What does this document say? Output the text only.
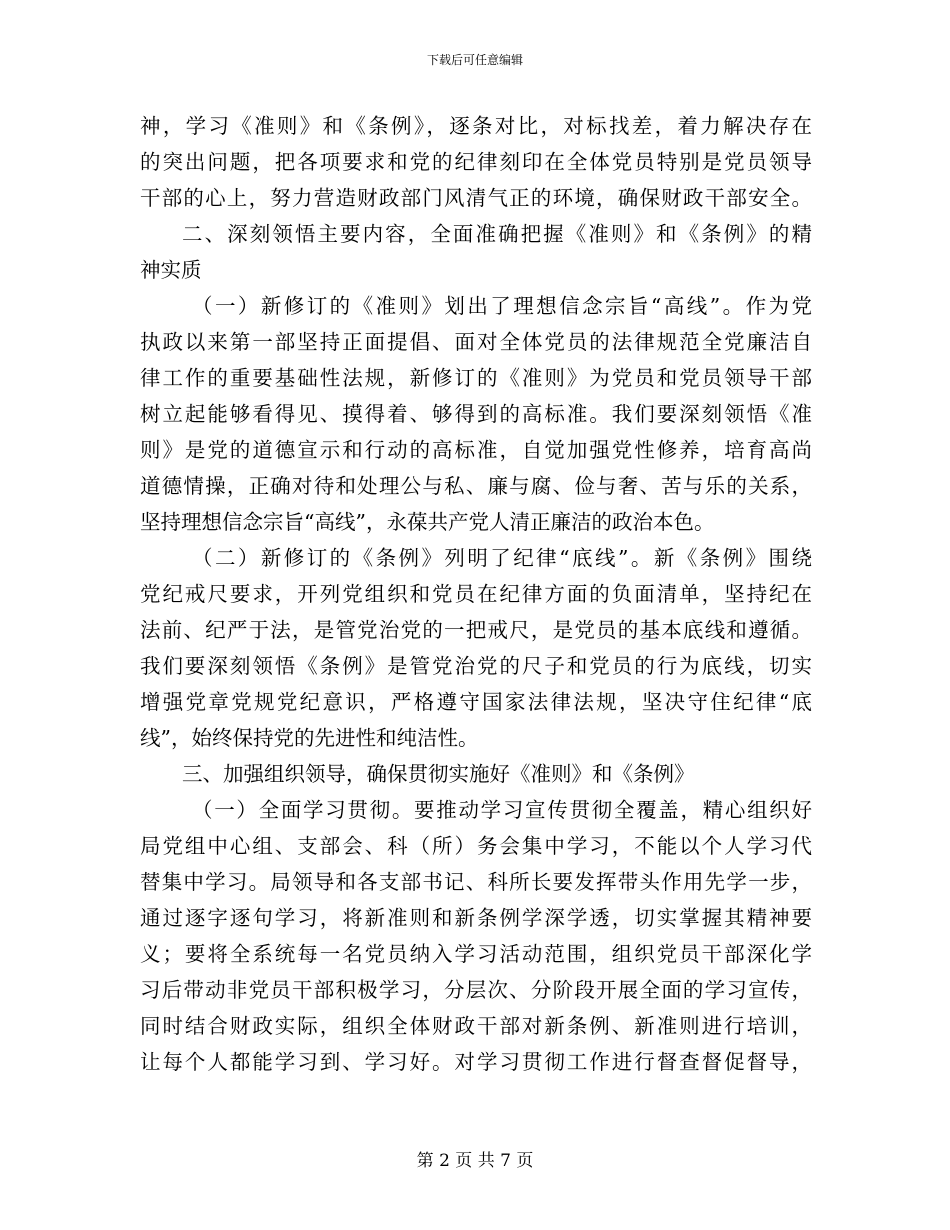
下载后可任意编辑
神，学习《准则》和《条例》，逐条对比，对标找差，着力解决存在
的突出问题，把各项要求和党的纪律刻印在全体党员特别是党员领导
干部的心上，努力营造财政部门风清气正的环境，确保财政干部安全。
二、深刻领悟主要内容，全面准确把握《准则》和《条例》的精
神实质
（一）新修订的《准则》划出了理想信念宗旨“高线”。作为党
执政以来第一部坚持正面提倡、面对全体党员的法律规范全党廉洁自
律工作的重要基础性法规，新修订的《准则》为党员和党员领导干部
树立起能够看得见、摸得着、够得到的高标准。我们要深刻领悟《准
则》是党的道德宣示和行动的高标准，自觉加强党性修养，培育高尚
道德情操，正确对待和处理公与私、廉与腐、俭与奢、苦与乐的关系，
坚持理想信念宗旨“高线”，永葆共产党人清正廉洁的政治本色。
（二）新修订的《条例》列明了纪律“底线”。新《条例》围绕
党纪戒尺要求，开列党组织和党员在纪律方面的负面清单，坚持纪在
法前、纪严于法，是管党治党的一把戒尺，是党员的基本底线和遵循。
我们要深刻领悟《条例》是管党治党的尺子和党员的行为底线，切实
增强党章党规党纪意识，严格遵守国家法律法规，坚决守住纪律“底
线”，始终保持党的先进性和纯洁性。
三、加强组织领导，确保贯彻实施好《准则》和《条例》
（一）全面学习贯彻。要推动学习宣传贯彻全覆盖，精心组织好
局党组中心组、支部会、科（所）务会集中学习，不能以个人学习代
替集中学习。局领导和各支部书记、科所长要发挥带头作用先学一步，
通过逐字逐句学习，将新准则和新条例学深学透，切实掌握其精神要
义；要将全系统每一名党员纳入学习活动范围，组织党员干部深化学
习后带动非党员干部积极学习，分层次、分阶段开展全面的学习宣传，
同时结合财政实际，组织全体财政干部对新条例、新准则进行培训，
让每个人都能学习到、学习好。对学习贯彻工作进行督查督促督导，
第 2 页 共 7 页
